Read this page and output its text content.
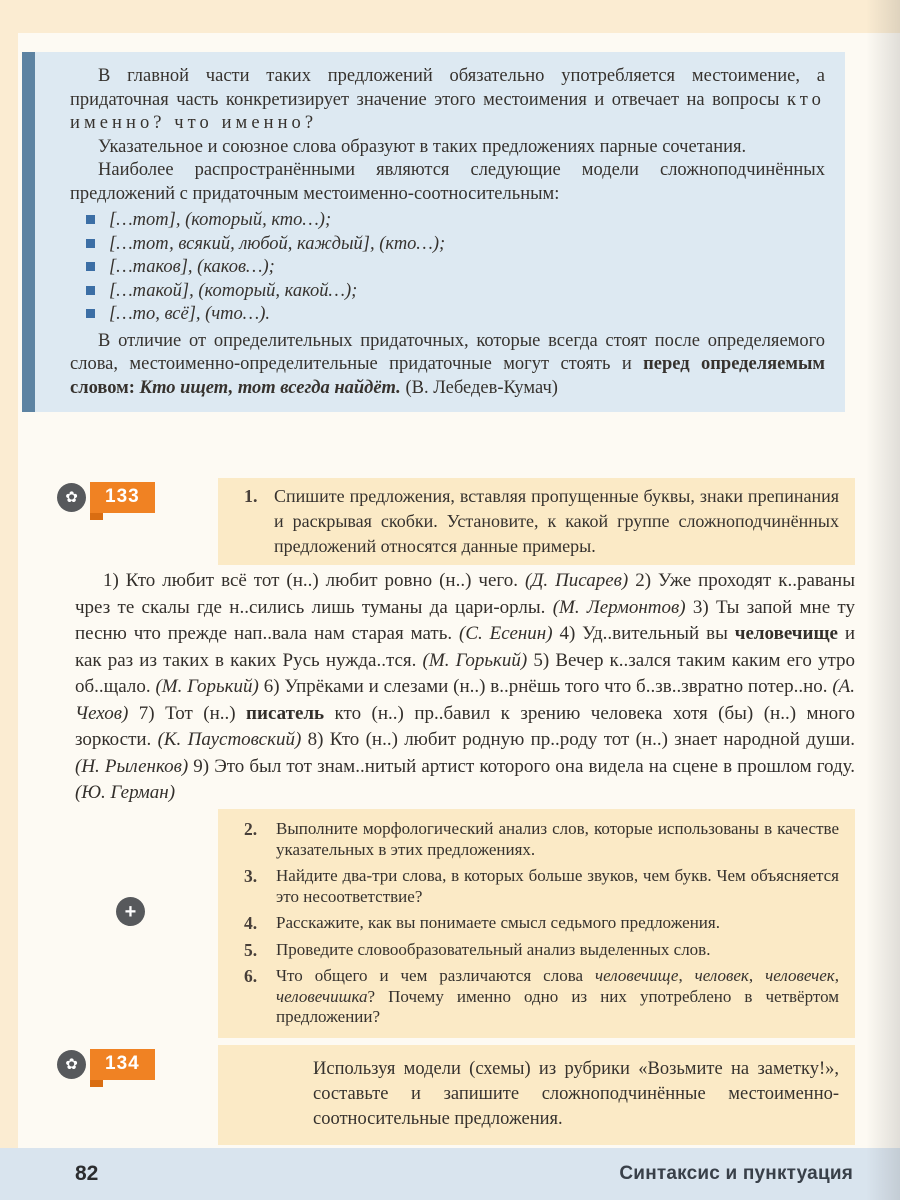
В главной части таких предложений обязательно употребляется местоимение, а придаточная часть конкретизирует значение этого местоимения и отвечает на вопросы кто именно? что именно?

Указательное и союзное слова образуют в таких предложениях парные сочетания.

Наиболее распространёнными являются следующие модели сложноподчинённых предложений с придаточным местоименно-соотносительным:

[…тот], (который, кто…);
[…тот, всякий, любой, каждый], (кто…);
[…таков], (каков…);
[…такой], (который, какой…);
[…то, всё], (что…).

В отличие от определительных придаточных, которые всегда стоят после определяемого слова, местоименно-определительные придаточные могут стоять и перед определяемым словом: Кто ищет, тот всегда найдёт. (В. Лебедев-Кумач)

✿	133	1. Спишите предложения, вставляя пропущенные буквы, знаки препинания и раскрывая скобки. Установите, к какой группе сложноподчинённых предложений относятся данные примеры.

1) Кто любит всё тот (н..) любит ровно (н..) чего. (Д. Писарев) 2) Уже проходят к..раваны чрез те скалы где н..сились лишь туманы да цари-орлы. (М. Лермонтов) 3) Ты запой мне ту песню что прежде нап..вала нам старая мать. (С. Есенин) 4) Уд..вительный вы человечище и как раз из таких в каких Русь нужда..тся. (М. Горький) 5) Вечер к..зался таким каким его утро об..щало. (М. Горький) 6) Упрёками и слезами (н..) в..рнёшь того что б..зв..звратно потер..но. (А. Чехов) 7) Тот (н..) писатель кто (н..) пр..бавил к зрению человека хотя (бы) (н..) много зоркости. (К. Паустовский) 8) Кто (н..) любит родную пр..роду тот (н..) знает народной души. (Н. Рыленков) 9) Это был тот знам..нитый артист которого она видела на сцене в прошлом году. (Ю. Герман)

+
2.	Выполните морфологический анализ слов, которые использованы в качестве указательных в этих предложениях.
3.	Найдите два-три слова, в которых больше звуков, чем букв. Чем объясняется это несоответствие?
4.	Расскажите, как вы понимаете смысл седьмого предложения.
5.	Проведите словообразовательный анализ выделенных слов.
6.	Что общего и чем различаются слова человечище, человек, человечек, человечишка? Почему именно одно из них употреблено в четвёртом предложении?
✿	134	Используя модели (схемы) из рубрики «Возьмите на заметку!», составьте и запишите сложноподчинённые местоименно-соотносительные предложения.
82	Синтаксис и пунктуация
